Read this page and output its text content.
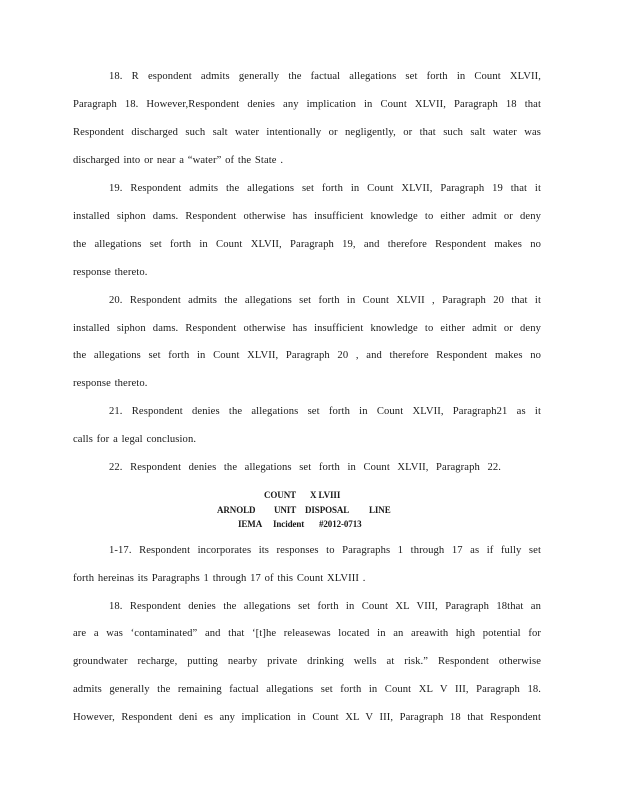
18. R espondent admits generally the factual allegations set forth in Count XLVII,
Paragraph 18. However,Respondent denies any implication in Count XLVII, Paragraph 18 that
Respondent discharged such salt water intentionally or negligently, or that such salt water was
discharged into or near a “water” of the State .
19. Respondent admits the allegations set forth in Count XLVII, Paragraph 19 that it
installed siphon dams. Respondent otherwise has insufficient knowledge to either admit or deny
the allegations set forth in Count XLVII, Paragraph 19, and therefore Respondent makes no
response thereto.
20. Respondent admits the allegations set forth in Count XLVII , Paragraph 20 that it
installed siphon dams. Respondent otherwise has insufficient knowledge to either admit or deny
the allegations set forth in Count XLVII, Paragraph 20 , and therefore Respondent makes no
response thereto.
21. Respondent denies the allegations set forth in Count XLVII, Paragraph21 as it
calls for a legal conclusion.
22. Respondent denies the allegations set forth in Count XLVII, Paragraph 22.
COUNT X LVIII
ARNOLD UNIT DISPOSAL LINE
IEMA Incident #2012-0713
1-17. Respondent incorporates its responses to Paragraphs 1 through 17 as if fully set
forth hereinas its Paragraphs 1 through 17 of this Count XLVIII .
18. Respondent denies the allegations set forth in Count XL VIII, Paragraph 18that an
are a was ‘contaminated” and that ‘[t]he releasewas located in an areawith high potential for
groundwater recharge, putting nearby private drinking wells at risk.” Respondent otherwise
admits generally the remaining factual allegations set forth in Count XL V III, Paragraph 18.
However, Respondent deni es any implication in Count XL V III, Paragraph 18 that Respondent
